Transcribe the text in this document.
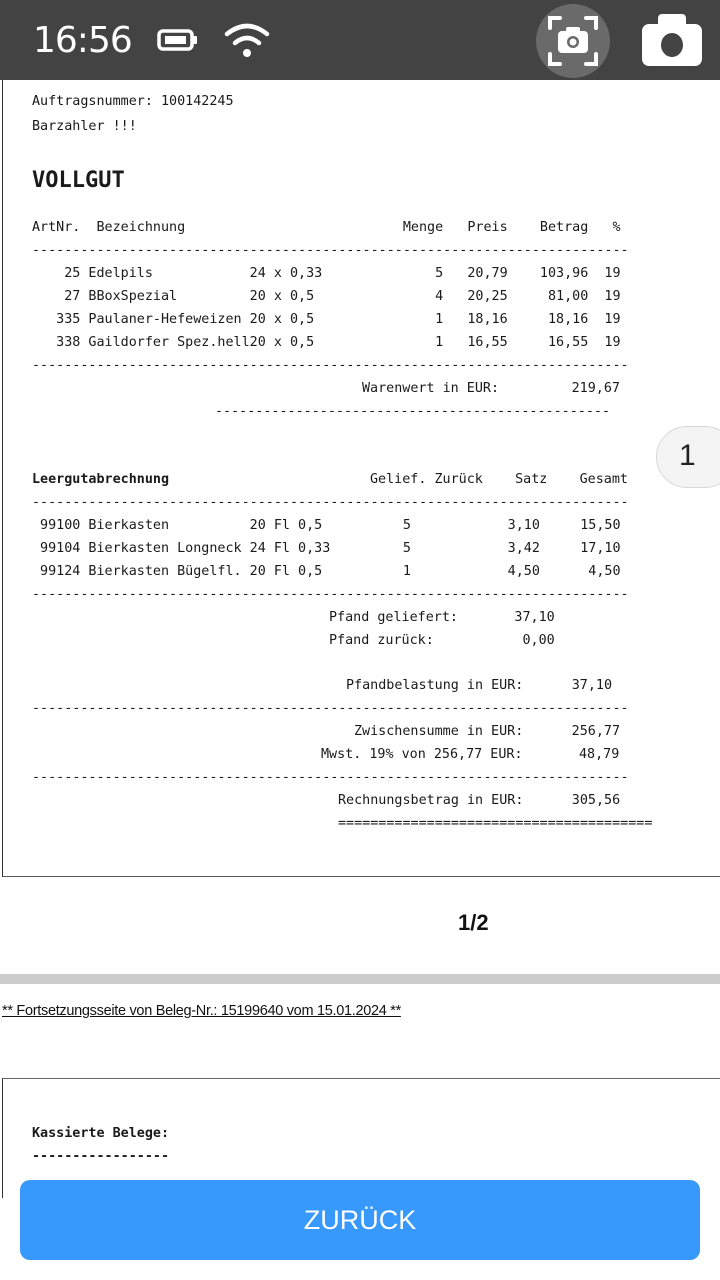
16:56
Auftragsnummer: 100142245
Barzahler !!!
VOLLGUT
ArtNr.  Bezeichnung                           Menge   Preis    Betrag   %
--------------------------------------------------------------------------
25 Edelpils            24 x 0,33              5   20,79    103,96  19
27 BBoxSpezial         20 x 0,5               4   20,25     81,00  19
335 Paulaner-Hefeweizen 20 x 0,5               1   18,16     18,16  19
338 Gaildorfer Spez.hell20 x 0,5               1   16,55     16,55  19
--------------------------------------------------------------------------
Warenwert in EUR:         219,67
-------------------------------------------------
Leergutabrechnung	Gelief. Zurück    Satz    Gesamt
--------------------------------------------------------------------------
99100 Bierkasten          20 Fl 0,5          5            3,10     15,50
99104 Bierkasten Longneck 24 Fl 0,33         5            3,42     17,10
99124 Bierkasten Bügelfl. 20 Fl 0,5          1            4,50      4,50
--------------------------------------------------------------------------
Pfand geliefert:       37,10
Pfand zurück:           0,00
Pfandbelastung in EUR:      37,10
--------------------------------------------------------------------------
Zwischensumme in EUR:      256,77
Mwst. 19% von 256,77 EUR:       48,79
--------------------------------------------------------------------------
Rechnungsbetrag in EUR:      305,56
=======================================
1
1/2
** Fortsetzungsseite von Beleg-Nr.: 15199640 vom 15.01.2024 **
Kassierte Belege:
-----------------
ZURÜCK
